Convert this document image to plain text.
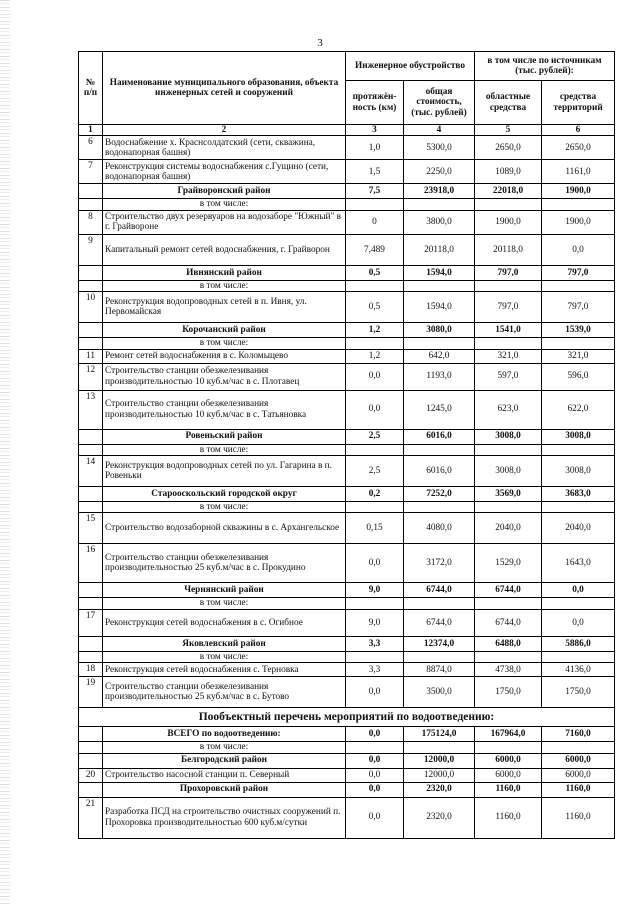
3
№ п/п	Наименование муниципального образования, объекта инженерных сетей и сооружений	Инженерное обустройство		в том числе по источникам (тыс. рублей):	
		протяжён-ность (км)	общая стоимость, (тыс. рублей)	областные средства	средства территорий
1	2	3	4	5	6
6	Водоснабжение х. Краснсолдатский (сети, скважина, водонапорная башня)	1,0	5300,0	2650,0	2650,0
7	Реконструкция системы водоснабжения с.Гущино (сети, водонапорная башня)	1,5	2250,0	1089,0	1161,0
	Грайворонский район	7,5	23918,0	22018,0	1900,0
	в том числе:				
8	Строительство двух резервуаров на водозаборе "Южный" в г. Грайвороне	0	3800,0	1900,0	1900,0
9	Капитальный ремонт сетей водоснабжения, г. Грайворон	7,489	20118,0	20118,0	0,0
	Ивнянский район	0,5	1594,0	797,0	797,0
	в том числе:				
10	Реконструкция водопроводных сетей в п. Ивня, ул. Первомайская	0,5	1594,0	797,0	797,0
	Корочанский район	1,2	3080,0	1541,0	1539,0
	в том числе:				
11	Ремонт сетей водоснабжения в с. Коломыцево	1,2	642,0	321,0	321,0
12	Строительство станции обезжелезивания производительностью 10 куб.м/час в с. Плотавец	0,0	1193,0	597,0	596,0
13	Строительство станции обезжелезивания производительностью 10 куб.м/час в с. Татьяновка	0,0	1245,0	623,0	622,0
	Ровеньский район	2,5	6016,0	3008,0	3008,0
	в том числе:				
14	Реконструкция водопроводных сетей по ул. Гагарина в п. Ровеньки	2,5	6016,0	3008,0	3008,0
	Старооскольский городской округ	0,2	7252,0	3569,0	3683,0
	в том числе:				
15	Строительство водозаборной скважины в с. Архангельское	0,15	4080,0	2040,0	2040,0
16	Строительство станции обезжелезивания производительностью 25 куб.м/час в с. Прокудино	0,0	3172,0	1529,0	1643,0
	Чернянский район	9,0	6744,0	6744,0	0,0
	в том числе:				
17	Реконструкция сетей водоснабжения в с. Огибное	9,0	6744,0	6744,0	0,0
	Яковлевский район	3,3	12374,0	6488,0	5886,0
	в том числе:				
18	Реконструкция сетей водоснабжения с. Терновка	3,3	8874,0	4738,0	4136,0
19	Строительство станции обезжелезивания производительностью 25 куб.м/час в с. Бутово	0,0	3500,0	1750,0	1750,0
Пообъектный перечень мероприятий по водоотведению:					
	ВСЕГО по водоотведению:	0,0	175124,0	167964,0	7160,0
	в том числе:				
	Белгородский район	0,0	12000,0	6000,0	6000,0
20	Строительство насосной станции п. Северный	0,0	12000,0	6000,0	6000,0
	Прохоровский район	0,0	2320,0	1160,0	1160,0
21	Разработка ПСД на строительство очистных сооружений п. Прохоровка производительностью 600 куб.м/сутки	0,0	2320,0	1160,0	1160,0
